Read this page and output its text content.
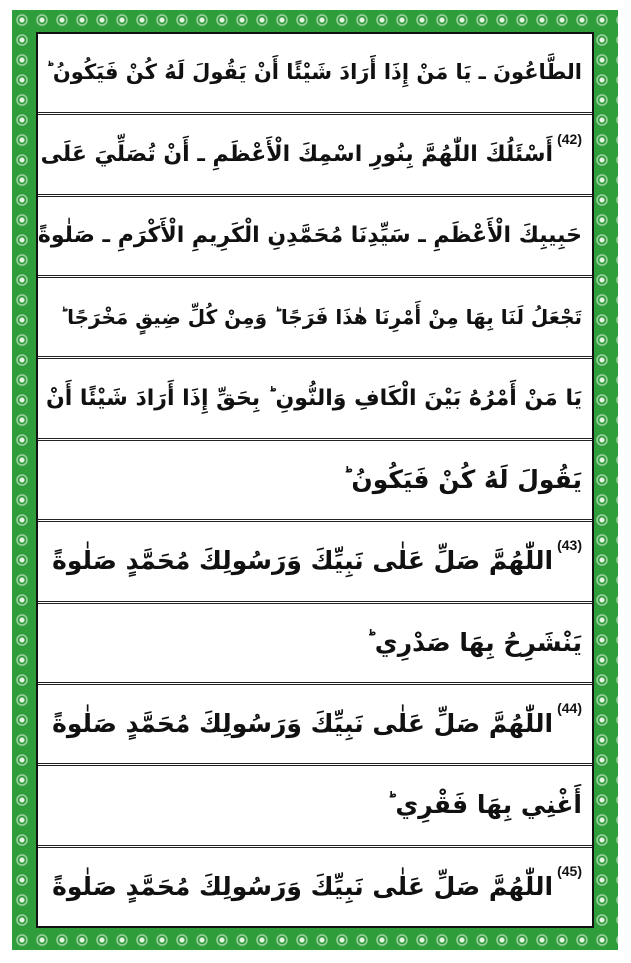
الطَّاعُونَ ـ يَا مَنْ إِذَا أَرَادَ شَيْئًا أَنْ يَقُولَ لَهُ كُنْ فَيَكُونُ ؕ
(42)
أَسْئَلُكَ اللّٰهُمَّ بِنُورِ اسْمِكَ الْأَعْظَمِ ـ أَنْ تُصَلِّيَ عَلَى
حَبِيبِكَ الْأَعْظَمِ ـ سَيِّدِنَا مُحَمَّدِنِ الْكَرِيمِ الْأَكْرَمِ ـ صَلٰوةً
تَجْعَلُ لَنَا بِهَا مِنْ أَمْرِنَا هٰذَا فَرَجًا ؕ وَمِنْ كُلِّ ضِيقٍ مَخْرَجًا ؕ
يَا مَنْ أَمْرُهُ بَيْنَ الْكَافِ وَالنُّونِ ؕ بِحَقِّ إِذَا أَرَادَ شَيْئًا أَنْ
يَقُولَ لَهُ كُنْ فَيَكُونُ ؕ
(43)
اللّٰهُمَّ صَلِّ عَلٰى نَبِيِّكَ وَرَسُولِكَ مُحَمَّدٍ صَلٰوةً
يَنْشَرِحُ بِهَا صَدْرِي ؕ
(44)
اللّٰهُمَّ صَلِّ عَلٰى نَبِيِّكَ وَرَسُولِكَ مُحَمَّدٍ صَلٰوةً
أَغْنِي بِهَا فَقْرِي ؕ
(45)
اللّٰهُمَّ صَلِّ عَلٰى نَبِيِّكَ وَرَسُولِكَ مُحَمَّدٍ صَلٰوةً
